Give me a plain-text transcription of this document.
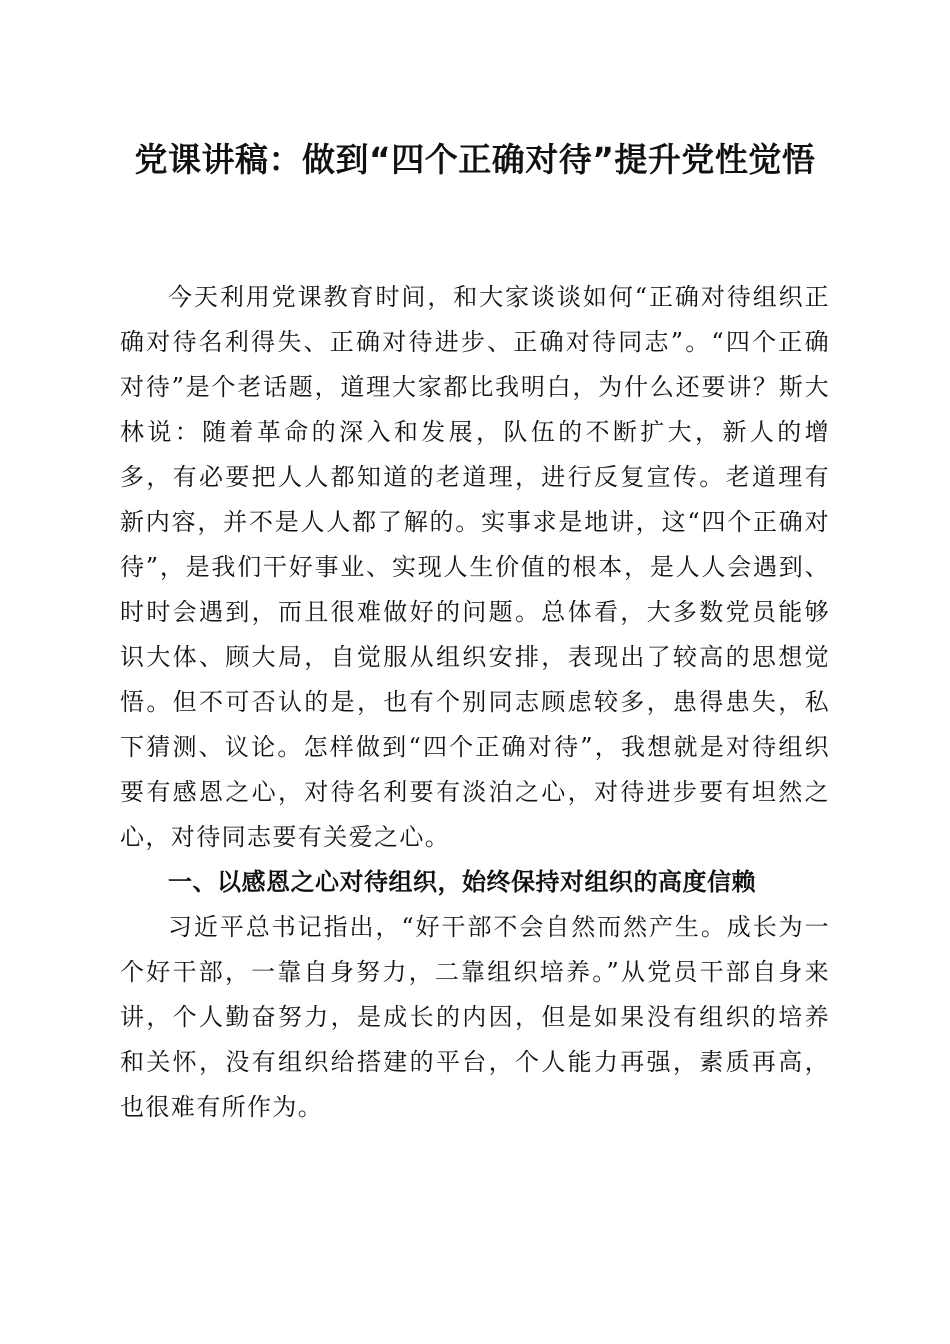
党课讲稿：做到“四个正确对待”提升党性觉悟

今天利用党课教育时间，和大家谈谈如何“正确对待组织正确对待名利得失、正确对待进步、正确对待同志”。“四个正确对待”是个老话题，道理大家都比我明白，为什么还要讲？斯大林说：随着革命的深入和发展，队伍的不断扩大，新人的增多，有必要把人人都知道的老道理，进行反复宣传。老道理有新内容，并不是人人都了解的。实事求是地讲，这“四个正确对待”，是我们干好事业、实现人生价值的根本，是人人会遇到、时时会遇到，而且很难做好的问题。总体看，大多数党员能够识大体、顾大局，自觉服从组织安排，表现出了较高的思想觉悟。但不可否认的是，也有个别同志顾虑较多，患得患失，私下猜测、议论。怎样做到“四个正确对待”，我想就是对待组织要有感恩之心，对待名利要有淡泊之心，对待进步要有坦然之心，对待同志要有关爱之心。

一、以感恩之心对待组织，始终保持对组织的高度信赖

习近平总书记指出，“好干部不会自然而然产生。成长为一个好干部，一靠自身努力，二靠组织培养。”从党员干部自身来讲，个人勤奋努力，是成长的内因，但是如果没有组织的培养和关怀，没有组织给搭建的平台，个人能力再强，素质再高，也很难有所作为。
